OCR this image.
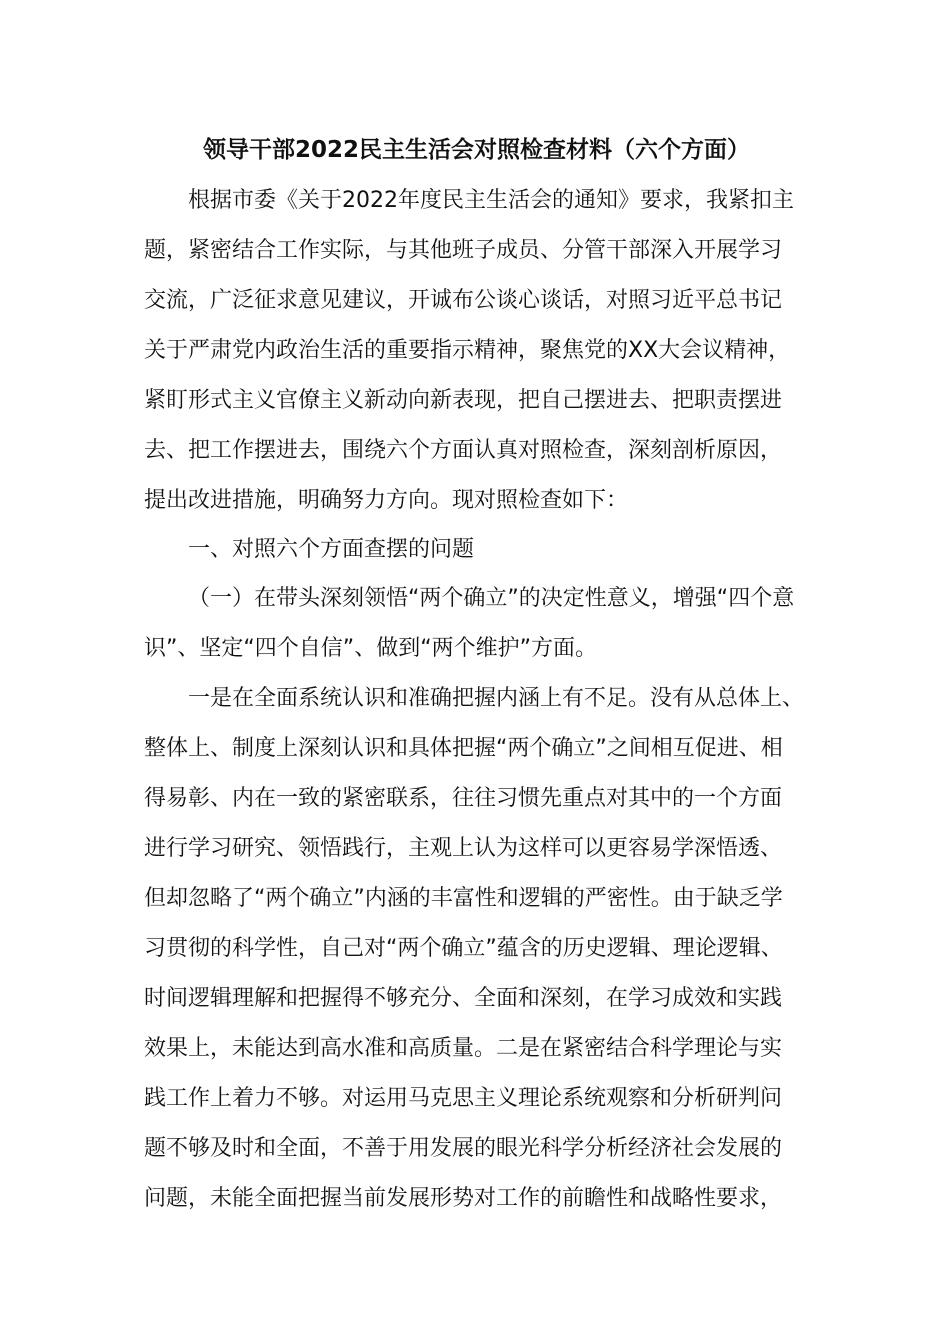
领导干部2022民主生活会对照检查材料（六个方面）
根据市委《关于2022年度民主生活会的通知》要求，我紧扣主
题，紧密结合工作实际，与其他班子成员、分管干部深入开展学习
交流，广泛征求意见建议，开诚布公谈心谈话，对照习近平总书记
关于严肃党内政治生活的重要指示精神，聚焦党的XX大会议精神，
紧盯形式主义官僚主义新动向新表现，把自己摆进去、把职责摆进
去、把工作摆进去，围绕六个方面认真对照检查，深刻剖析原因，
提出改进措施，明确努力方向。现对照检查如下：
一、对照六个方面查摆的问题
（一）在带头深刻领悟“两个确立”的决定性意义，增强“四个意
识”、坚定“四个自信”、做到“两个维护”方面。
一是在全面系统认识和准确把握内涵上有不足。没有从总体上、
整体上、制度上深刻认识和具体把握“两个确立”之间相互促进、相
得易彰、内在一致的紧密联系，往往习惯先重点对其中的一个方面
进行学习研究、领悟践行，主观上认为这样可以更容易学深悟透、
但却忽略了“两个确立”内涵的丰富性和逻辑的严密性。由于缺乏学
习贯彻的科学性，自己对“两个确立”蕴含的历史逻辑、理论逻辑、
时间逻辑理解和把握得不够充分、全面和深刻，在学习成效和实践
效果上，未能达到高水准和高质量。二是在紧密结合科学理论与实
践工作上着力不够。对运用马克思主义理论系统观察和分析研判问
题不够及时和全面，不善于用发展的眼光科学分析经济社会发展的
问题，未能全面把握当前发展形势对工作的前瞻性和战略性要求，
